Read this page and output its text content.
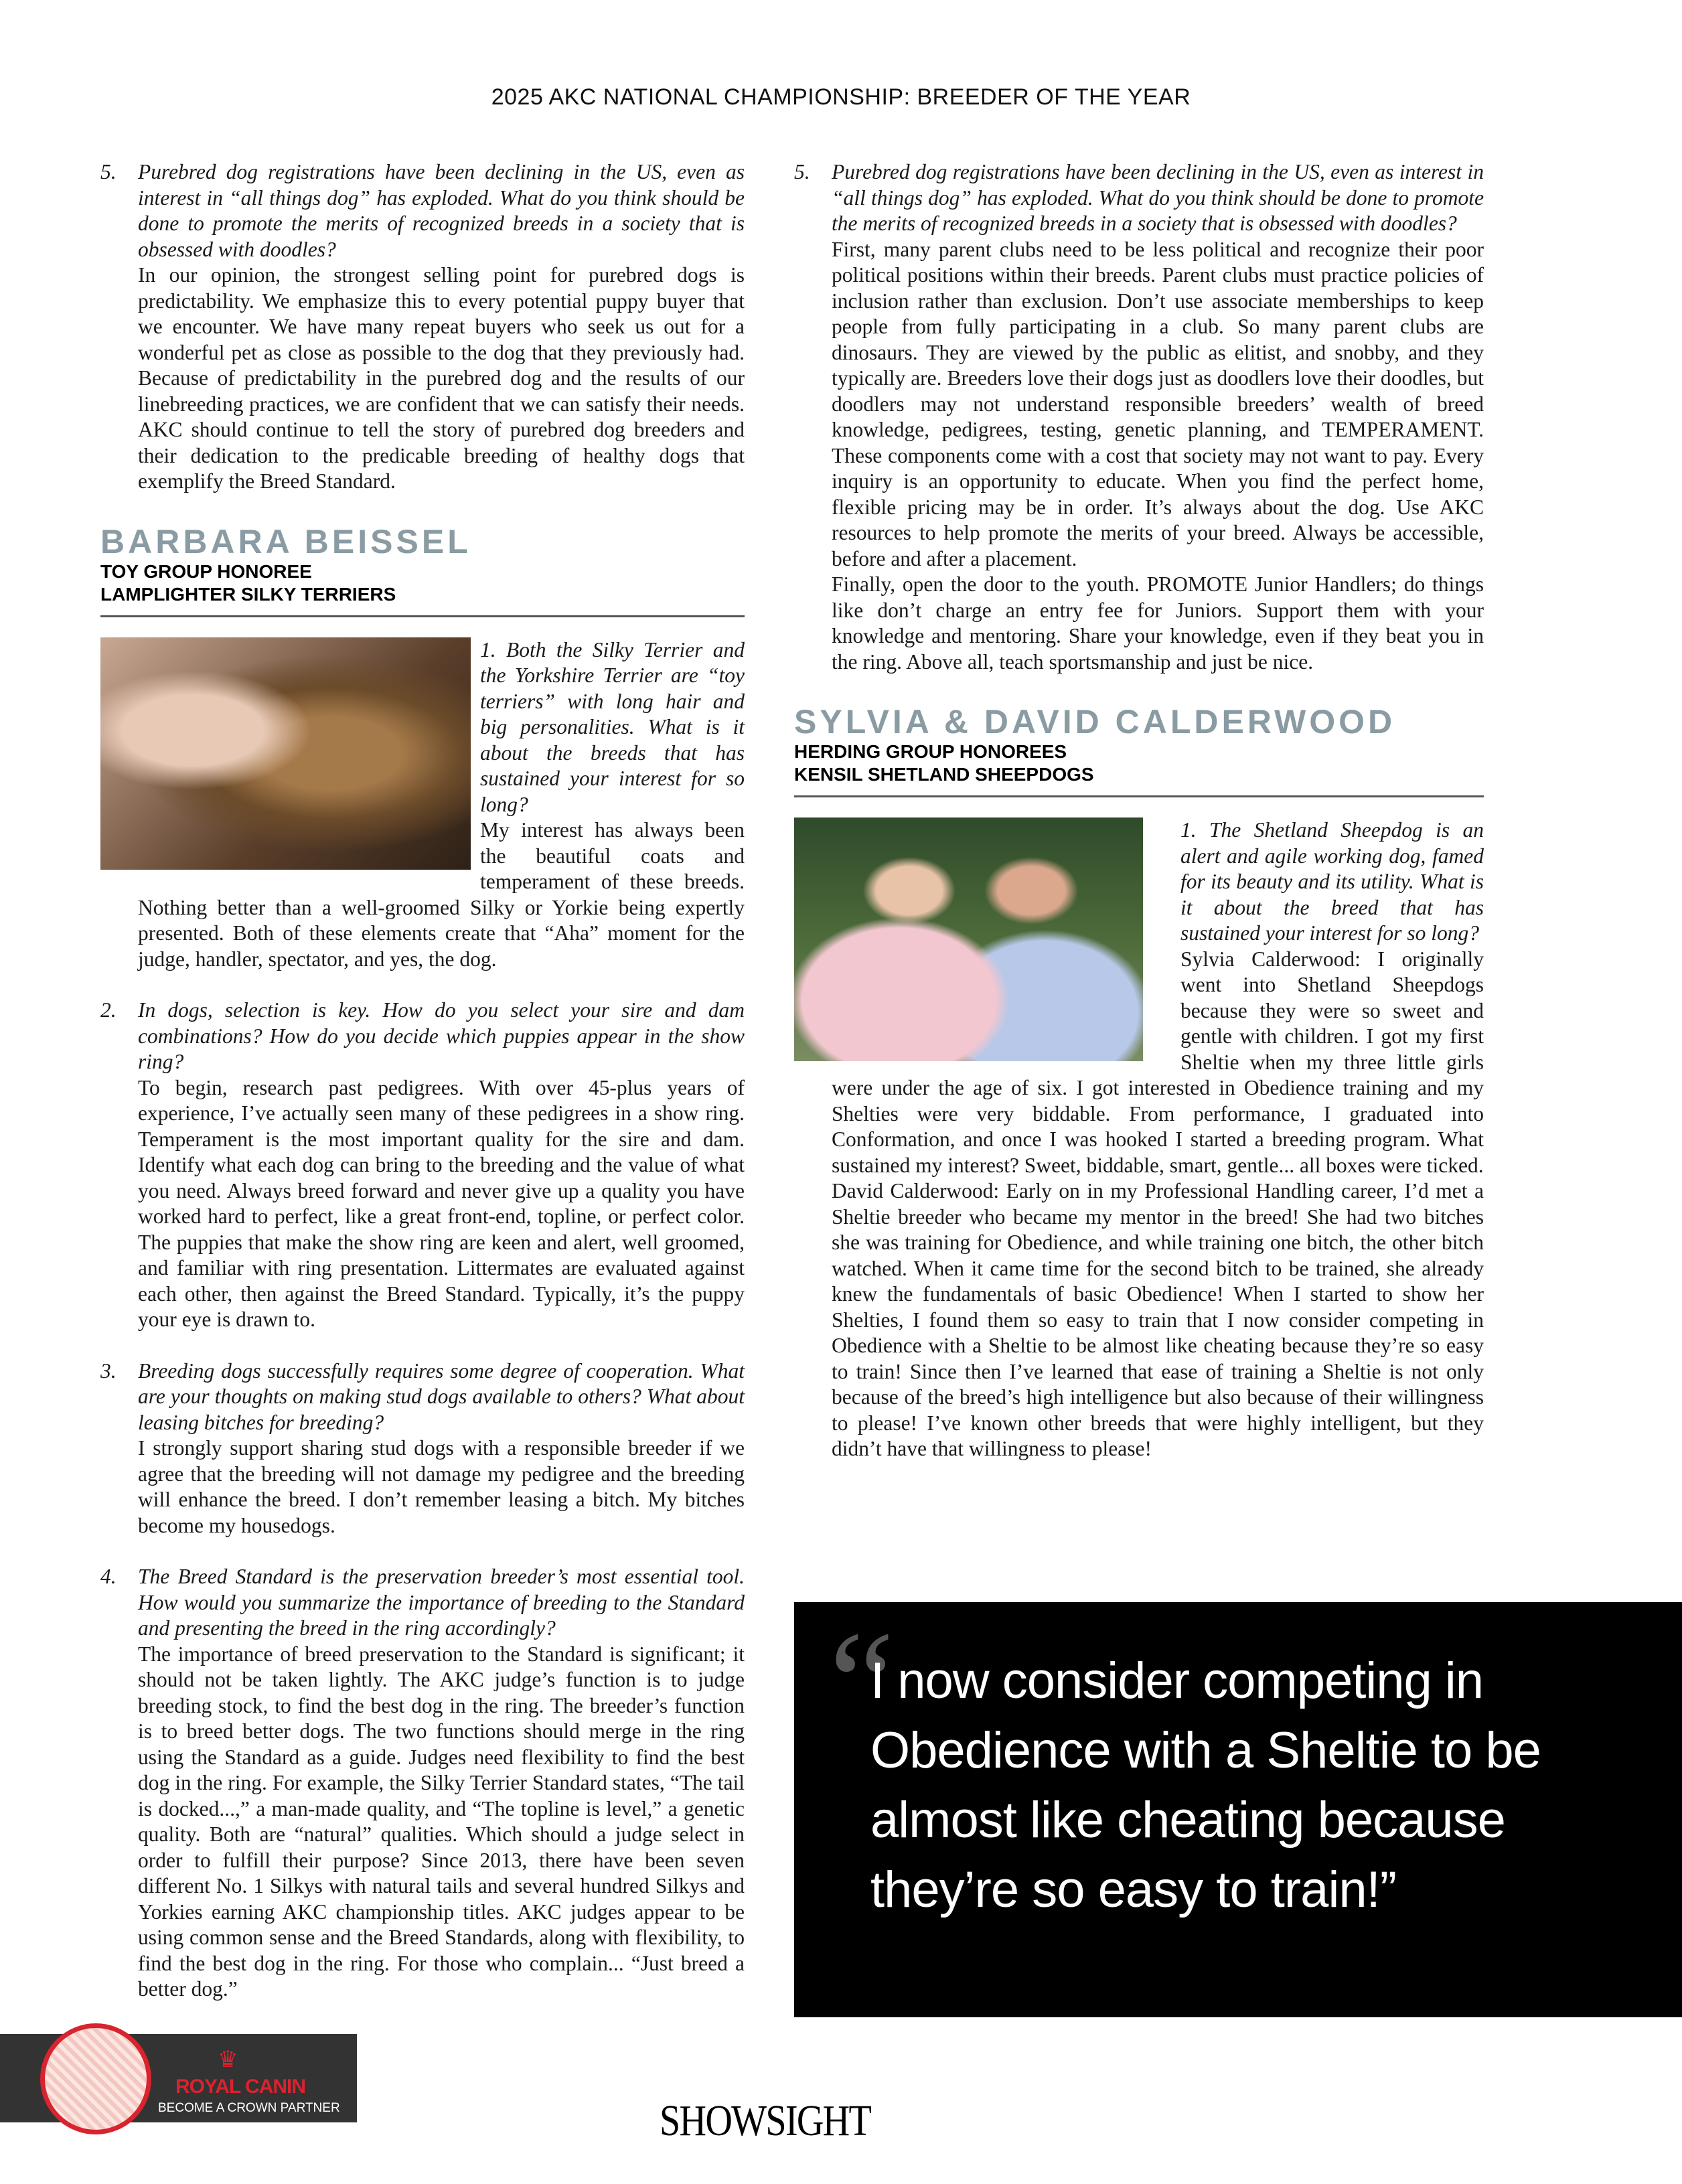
2025 AKC NATIONAL CHAMPIONSHIP: BREEDER OF THE YEAR
5. Purebred dog registrations have been declining in the US, even as interest in “all things dog” has exploded. What do you think should be done to promote the merits of recognized breeds in a society that is obsessed with doodles?
In our opinion, the strongest selling point for purebred dogs is predictability. We emphasize this to every potential puppy buyer that we encounter. We have many repeat buyers who seek us out for a wonderful pet as close as possible to the dog that they previously had. Because of predictability in the purebred dog and the results of our linebreeding practices, we are confident that we can satisfy their needs. AKC should continue to tell the story of purebred dog breeders and their dedication to the predicable breeding of healthy dogs that exemplify the Breed Standard.
BARBARA BEISSEL
TOY GROUP HONOREE
LAMPLIGHTER SILKY TERRIERS
1. Both the Silky Terrier and the Yorkshire Terrier are “toy terriers” with long hair and big personalities. What is it about the breeds that has sustained your interest for so long?
My interest has always been the beautiful coats and temperament of these breeds. Nothing better than a well-groomed Silky or Yorkie being expertly presented. Both of these elements create that “Aha” moment for the judge, handler, spectator, and yes, the dog.
2. In dogs, selection is key. How do you select your sire and dam combinations? How do you decide which puppies appear in the show ring?
To begin, research past pedigrees. With over 45-plus years of experience, I’ve actually seen many of these pedigrees in a show ring. Temperament is the most important quality for the sire and dam. Identify what each dog can bring to the breeding and the value of what you need. Always breed forward and never give up a quality you have worked hard to perfect, like a great front-end, topline, or perfect color. The puppies that make the show ring are keen and alert, well groomed, and familiar with ring presentation. Littermates are evaluated against each other, then against the Breed Standard. Typically, it’s the puppy your eye is drawn to.
3. Breeding dogs successfully requires some degree of cooperation. What are your thoughts on making stud dogs available to others? What about leasing bitches for breeding?
I strongly support sharing stud dogs with a responsible breeder if we agree that the breeding will not damage my pedigree and the breeding will enhance the breed. I don’t remember leasing a bitch. My bitches become my housedogs.
4. The Breed Standard is the preservation breeder’s most essential tool. How would you summarize the importance of breeding to the Standard and presenting the breed in the ring accordingly?
The importance of breed preservation to the Standard is significant; it should not be taken lightly. The AKC judge’s function is to judge breeding stock, to find the best dog in the ring. The breeder’s function is to breed better dogs. The two functions should merge in the ring using the Standard as a guide. Judges need flexibility to find the best dog in the ring. For example, the Silky Terrier Standard states, “The tail is docked...,” a man-made quality, and “The topline is level,” a genetic quality. Both are “natural” qualities. Which should a judge select in order to fulfill their purpose? Since 2013, there have been seven different No. 1 Silkys with natural tails and several hundred Silkys and Yorkies earning AKC championship titles. AKC judges appear to be using common sense and the Breed Standards, along with flexibility, to find the best dog in the ring. For those who complain... “Just breed a better dog.”
5. Purebred dog registrations have been declining in the US, even as interest in “all things dog” has exploded. What do you think should be done to promote the merits of recognized breeds in a society that is obsessed with doodles?
First, many parent clubs need to be less political and recognize their poor political positions within their breeds. Parent clubs must practice policies of inclusion rather than exclusion. Don’t use associate memberships to keep people from fully participating in a club. So many parent clubs are dinosaurs. They are viewed by the public as elitist, and snobby, and they typically are. Breeders love their dogs just as doodlers love their doodles, but doodlers may not understand responsible breeders’ wealth of breed knowledge, pedigrees, testing, genetic planning, and TEMPERAMENT. These components come with a cost that society may not want to pay. Every inquiry is an opportunity to educate. When you find the perfect home, flexible pricing may be in order. It’s always about the dog. Use AKC resources to help promote the merits of your breed. Always be accessible, before and after a placement.
Finally, open the door to the youth. PROMOTE Junior Handlers; do things like don’t charge an entry fee for Juniors. Support them with your knowledge and mentoring. Share your knowledge, even if they beat you in the ring. Above all, teach sportsmanship and just be nice.
SYLVIA & DAVID CALDERWOOD
HERDING GROUP HONOREES
KENSIL SHETLAND SHEEPDOGS
1. The Shetland Sheepdog is an alert and agile working dog, famed for its beauty and its utility. What is it about the breed that has sustained your interest for so long?
Sylvia Calderwood: I originally went into Shetland Sheepdogs because they were so sweet and gentle with children. I got my first Sheltie when my three little girls were under the age of six. I got interested in Obedience training and my Shelties were very biddable. From performance, I graduated into Conformation, and once I was hooked I started a breeding program. What sustained my interest? Sweet, biddable, smart, gentle... all boxes were ticked.
David Calderwood: Early on in my Professional Handling career, I’d met a Sheltie breeder who became my mentor in the breed! She had two bitches she was training for Obedience, and while training one bitch, the other bitch watched. When it came time for the second bitch to be trained, she already knew the fundamentals of basic Obedience! When I started to show her Shelties, I found them so easy to train that I now consider competing in Obedience with a Sheltie to be almost like cheating because they’re so easy to train! Since then I’ve learned that ease of training a Sheltie is not only because of the breed’s high intelligence but also because of their willingness to please! I’ve known other breeds that were highly intelligent, but they didn’t have that willingness to please!
“
I now consider competing in Obedience with a Sheltie to be almost like cheating because they’re so easy to train!”
♛
ROYAL CANIN
BECOME A CROWN PARTNER	SHOWSIGHT
